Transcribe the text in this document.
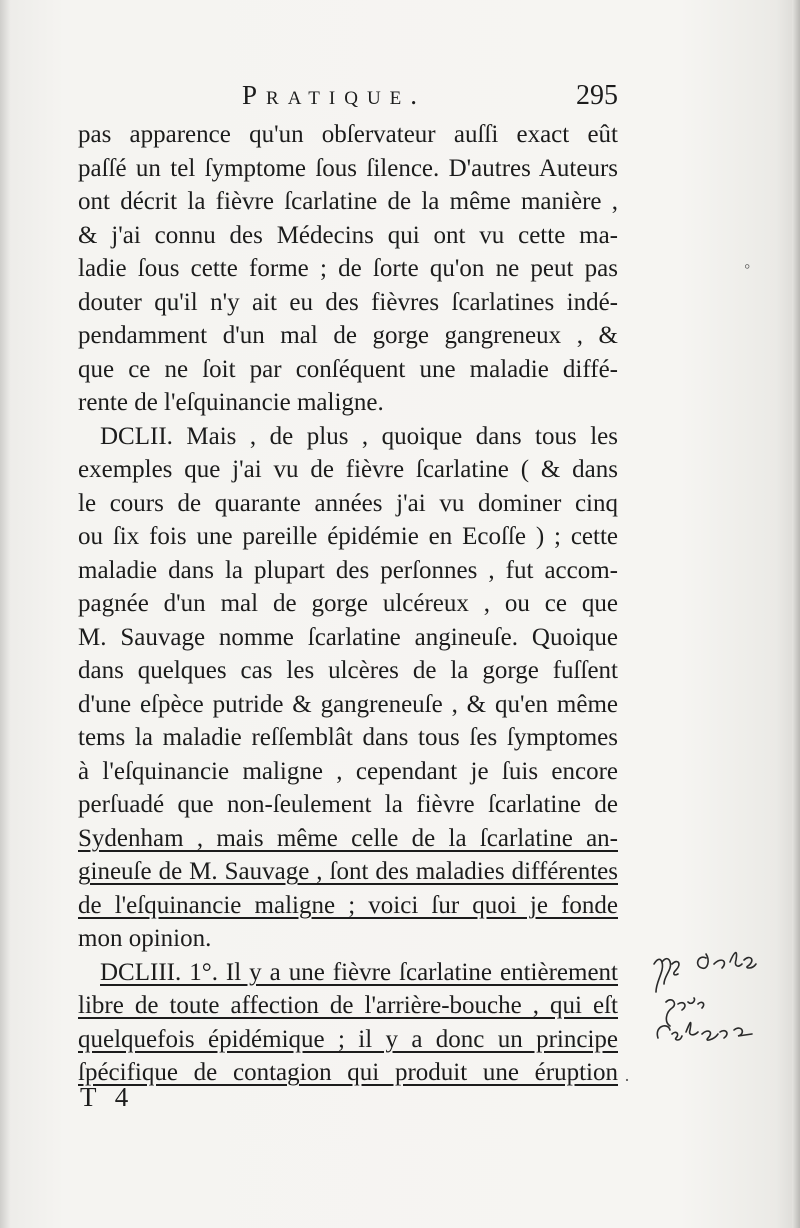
Pratique.	295
pas apparence qu'un obſervateur auſſi exact eût
paſſé un tel ſymptome ſous ſilence. D'autres Auteurs
ont décrit la fièvre ſcarlatine de la même manière ,
& j'ai connu des Médecins qui ont vu cette ma-
ladie ſous cette forme ; de ſorte qu'on ne peut pas
douter qu'il n'y ait eu des fièvres ſcarlatines indé-
pendamment d'un mal de gorge gangreneux , &
que ce ne ſoit par conſéquent une maladie diffé-
rente de l'eſquinancie maligne.
DCLII. Mais , de plus , quoique dans tous les
exemples que j'ai vu de fièvre ſcarlatine ( & dans
le cours de quarante années j'ai vu dominer cinq
ou ſix fois une pareille épidémie en Ecoſſe ) ; cette
maladie dans la plupart des perſonnes , fut accom-
pagnée d'un mal de gorge ulcéreux , ou ce que
M. Sauvage nomme ſcarlatine angineuſe. Quoique
dans quelques cas les ulcères de la gorge fuſſent
d'une eſpèce putride & gangreneuſe , & qu'en même
tems la maladie reſſemblât dans tous ſes ſymptomes
à l'eſquinancie maligne , cependant je ſuis encore
perſuadé que non-ſeulement la fièvre ſcarlatine de
Sydenham , mais même celle de la ſcarlatine an-
gineuſe de M. Sauvage , ſont des maladies différentes
de l'eſquinancie maligne ; voici ſur quoi je fonde
mon opinion.
DCLIII. 1°. Il y a une fièvre ſcarlatine entièrement
libre de toute affection de l'arrière-bouche , qui eſt
quelquefois épidémique ; il y a donc un principe
ſpécifique de contagion qui produit une éruption
T 4
◦
·
